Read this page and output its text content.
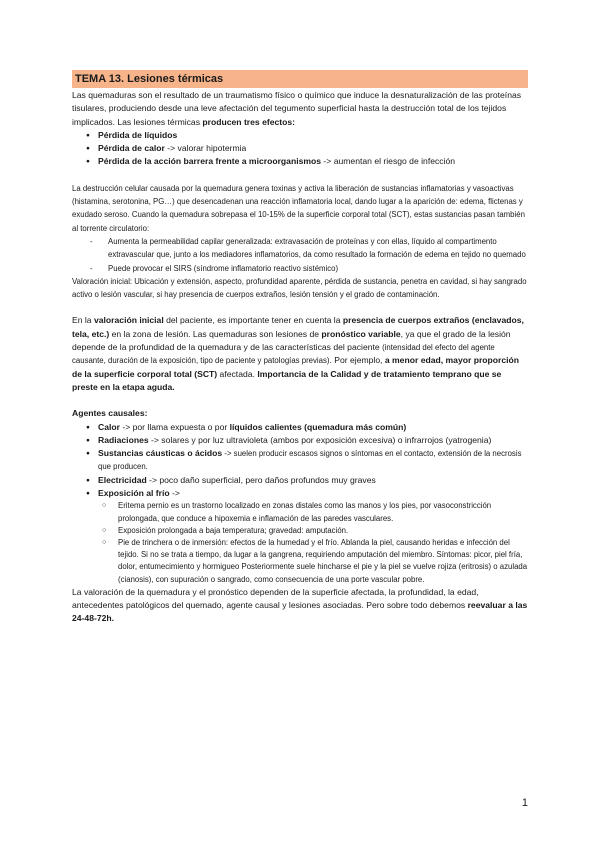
TEMA 13. Lesiones térmicas

Las quemaduras son el resultado de un traumatismo físico o químico que induce la desnaturalización de las proteínas tisulares, produciendo desde una leve afectación del tegumento superficial hasta la destrucción total de los tejidos implicados. Las lesiones térmicas producen tres efectos:

● Pérdida de líquidos
● Pérdida de calor -> valorar hipotermia
● Pérdida de la acción barrera frente a microorganismos -> aumentan el riesgo de infección

La destrucción celular causada por la quemadura genera toxinas y activa la liberación de sustancias inflamatorias y vasoactivas (histamina, serotonina, PG…) que desencadenan una reacción inflamatoria local, dando lugar a la aparición de: edema, flictenas y exudado seroso. Cuando la quemadura sobrepasa el 10-15% de la superficie corporal total (SCT), estas sustancias pasan también al torrente circulatorio:

- Aumenta la permeabilidad capilar generalizada: extravasación de proteínas y con ellas, líquido al compartimento extravascular que, junto a los mediadores inflamatorios, da como resultado la formación de edema en tejido no quemado
- Puede provocar el SIRS (síndrome inflamatorio reactivo sistémico)

Valoración inicial: Ubicación y extensión, aspecto, profundidad aparente, pérdida de sustancia, penetra en cavidad, si hay sangrado activo o lesión vascular, si hay presencia de cuerpos extraños, lesión tensión y el grado de contaminación.

En la valoración inicial del paciente, es importante tener en cuenta la presencia de cuerpos extraños (enclavados, tela, etc.) en la zona de lesión. Las quemaduras son lesiones de pronóstico variable, ya que el grado de la lesión depende de la profundidad de la quemadura y de las características del paciente (intensidad del efecto del agente causante, duración de la exposición, tipo de paciente y patologías previas). Por ejemplo, a menor edad, mayor proporción de la superficie corporal total (SCT) afectada. Importancia de la Calidad y de tratamiento temprano que se preste en la etapa aguda.

Agentes causales:

● Calor -> por llama expuesta o por líquidos calientes (quemadura más común)
● Radiaciones -> solares y por luz ultravioleta (ambos por exposición excesiva) o infrarrojos (yatrogenia)
● Sustancias cáusticas o ácidos -> suelen producir escasos signos o síntomas en el contacto, extensión de la necrosis que producen.
● Electricidad -> poco daño superficial, pero daños profundos muy graves
● Exposición al frío ->
○ Eritema pernio es un trastorno localizado en zonas distales como las manos y los pies, por vasoconstricción prolongada, que conduce a hipoxemia e inflamación de las paredes vasculares.
○ Exposición prolongada a baja temperatura; gravedad: amputación.
○ Pie de trinchera o de inmersión: efectos de la humedad y el frío. Ablanda la piel, causando heridas e infección del tejido. Si no se trata a tiempo, da lugar a la gangrena, requiriendo amputación del miembro. Síntomas: picor, piel fría, dolor, entumecimiento y hormigueo Posteriormente suele hincharse el pie y la piel se vuelve rojiza (eritrosis) o azulada (cianosis), con supuración o sangrado, como consecuencia de una porte vascular pobre.

La valoración de la quemadura y el pronóstico dependen de la superficie afectada, la profundidad, la edad, antecedentes patológicos del quemado, agente causal y lesiones asociadas. Pero sobre todo debemos reevaluar a las 24-48-72h.

1
